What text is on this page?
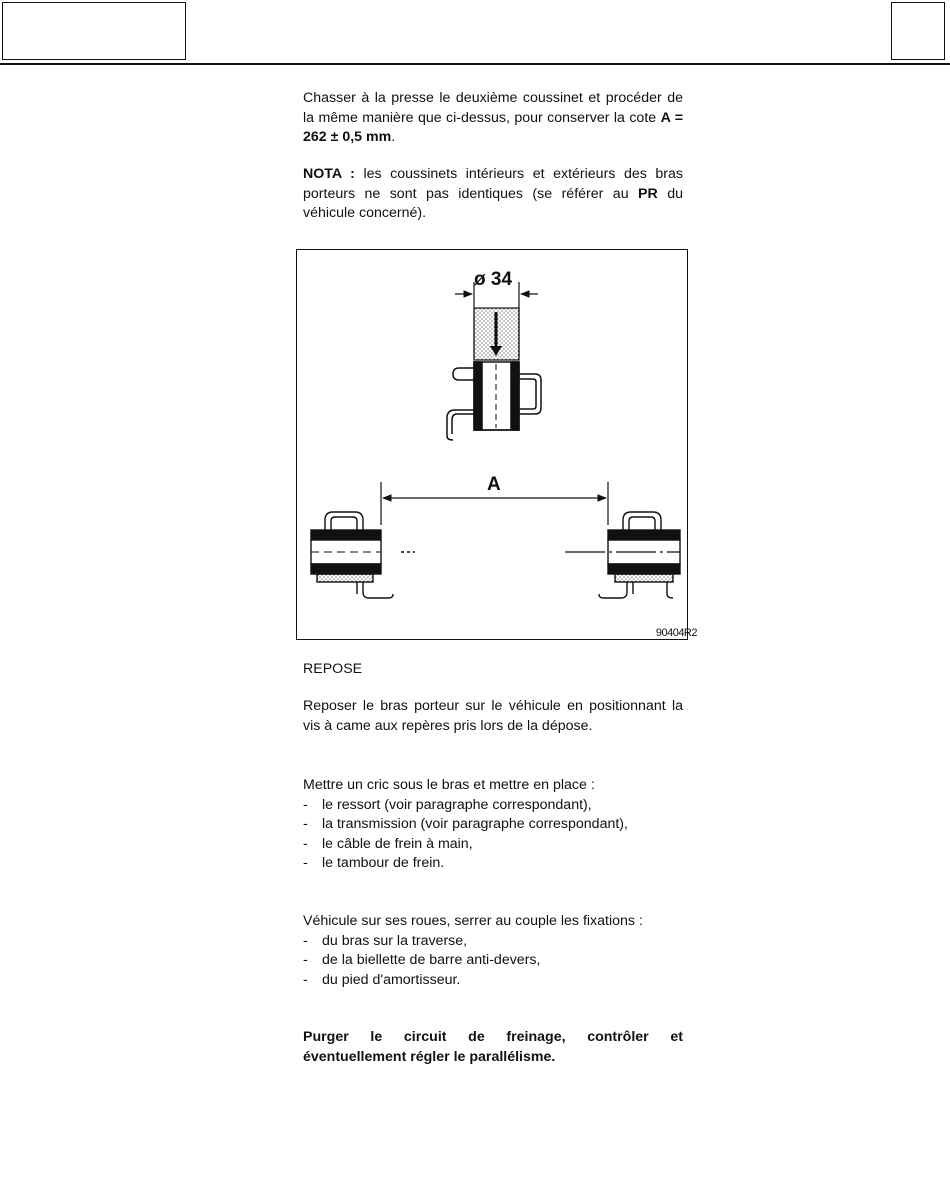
Chasser à la presse le deuxième coussinet et procéder de la même manière que ci-dessus, pour conserver la cote A = 262 ± 0,5 mm.
NOTA : les coussinets intérieurs et extérieurs des bras porteurs ne sont pas identiques (se référer au PR du véhicule concerné).
ø 34
A
90404R2
REPOSE
Reposer le bras porteur sur le véhicule en positionnant la vis à came aux repères pris lors de la dépose.
Mettre un cric sous le bras et mettre en place :
- le ressort (voir paragraphe correspondant),
- la transmission (voir paragraphe correspondant),
- le câble de frein à main,
- le tambour de frein.
Véhicule sur ses roues, serrer au couple les fixations :
- du bras sur la traverse,
- de la biellette de barre anti-devers,
- du pied d'amortisseur.
Purger le circuit de freinage, contrôler et éventuellement régler le parallélisme.
